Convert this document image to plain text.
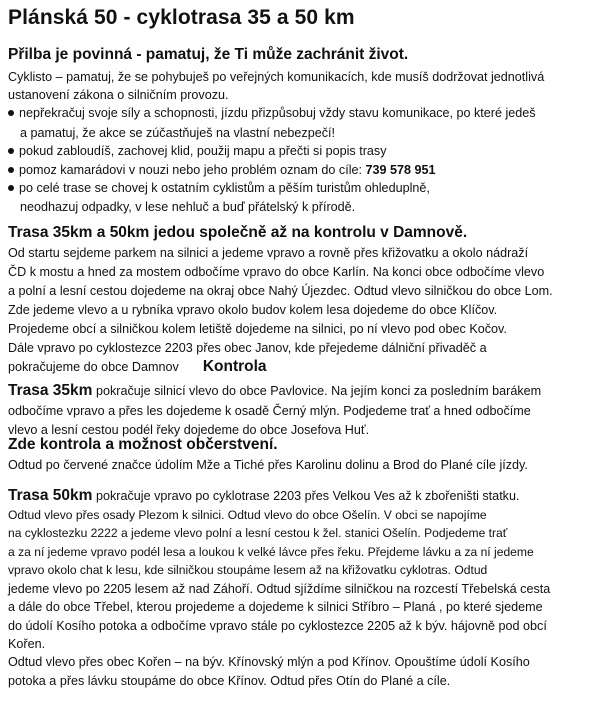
Plánská 50 - cyklotrasa 35 a 50 km
Přilba je povinná - pamatuj, že Ti může zachránit život.
Cyklisto – pamatuj, že se pohybuješ po veřejných komunikacích, kde musíš dodržovat jednotlivá
ustanovení zákona o silničním provozu.
nepřekračuj svoje síly a schopnosti, jízdu přizpůsobuj vždy stavu komunikace, po které jedeš
a pamatuj, že akce se zúčastňuješ na vlastní nebezpečí!
pokud zabloudíš, zachovej klid, použij mapu a přečti si popis trasy
pomoz kamarádovi v nouzi nebo jeho problém oznam do cíle: 739 578 951
po celé trase se chovej k ostatním cyklistům a pěším turistům ohleduplně,
neodhazuj odpadky, v lese nehluč a buď přátelský k přírodě.
Trasa 35km a 50km jedou společně až na kontrolu v Damnově.
Od startu sejdeme parkem na silnici a jedeme vpravo a rovně přes křižovatku a okolo nádraží
ČD k mostu a hned za mostem odbočíme vpravo do obce Karlín. Na konci obce odbočíme vlevo
a polní a lesní cestou dojedeme na okraj obce Nahý Újezdec. Odtud vlevo silničkou do obce Lom.
Zde jedeme vlevo a u rybníka vpravo okolo budov kolem lesa dojedeme do obce Klíčov.
Projedeme obcí a silničkou kolem letiště dojedeme na silnici, po ní vlevo pod obec Kočov.
Dále vpravo po cyklostezce 2203 přes obec Janov, kde přejedeme dálniční přivaděč a
pokračujeme do obce Damnov Kontrola
Trasa 35km pokračuje silnicí vlevo do obce Pavlovice. Na jejím konci za posledním barákem
odbočíme vpravo a přes les dojedeme k osadě Černý mlýn. Podjedeme trať a hned odbočíme
vlevo a lesní cestou podél řeky dojedeme do obce Josefova Huť.
Zde kontrola a možnost občerstvení.
Odtud po červené značce údolím Mže a Tiché přes Karolinu dolinu a Brod do Plané cíle jízdy.
Trasa 50km pokračuje vpravo po cyklotrase 2203 přes Velkou Ves až k zbořeništi statku.
Odtud vlevo přes osady Plezom k silnici. Odtud vlevo do obce Ošelín. V obci se napojíme
na cyklostezku 2222 a jedeme vlevo polní a lesní cestou k žel. stanici Ošelín. Podjedeme trať
a za ní jedeme vpravo podél lesa a loukou k velké lávce přes řeku. Přejdeme lávku a za ní jedeme
vpravo okolo chat k lesu, kde silničkou stoupáme lesem až na křižovatku cyklotras. Odtud
jedeme vlevo po 2205 lesem až nad Záhoří. Odtud sjíždíme silničkou na rozcestí Třebelská cesta
a dále do obce Třebel, kterou projedeme a dojedeme k silnici Stříbro – Planá , po které sjedeme
do údolí Kosího potoka a odbočíme vpravo stále po cyklostezce 2205 až k býv. hájovně pod obcí
Kořen.
Odtud vlevo přes obec Kořen – na býv. Křínovský mlýn a pod Křínov. Opouštíme údolí Kosího
potoka a přes lávku stoupáme do obce Křínov. Odtud přes Otín do Plané a cíle.
